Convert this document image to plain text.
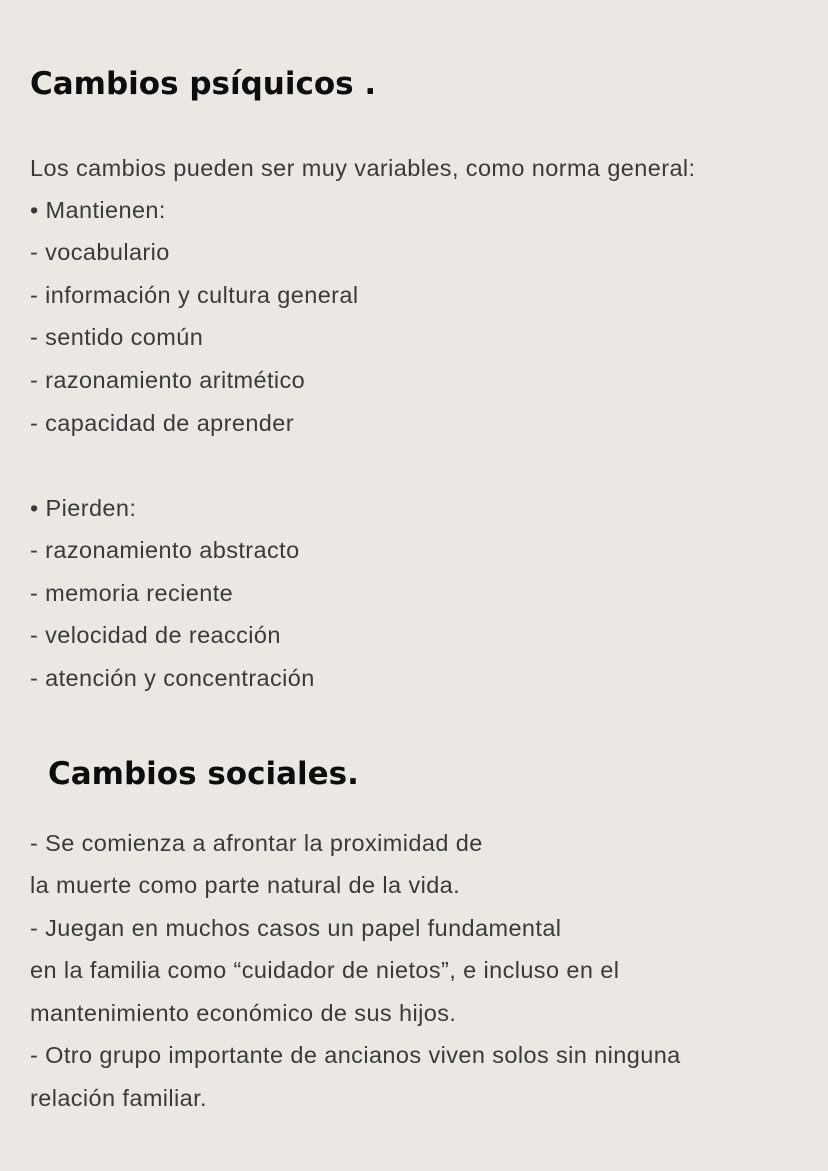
Cambios psíquicos .
Los cambios pueden ser muy variables, como norma general:
• Mantienen:
- vocabulario
- información y cultura general
- sentido común
- razonamiento aritmético
- capacidad de aprender
• Pierden:
- razonamiento abstracto
- memoria reciente
- velocidad de reacción
- atención y concentración
Cambios sociales.
- Se comienza a afrontar la proximidad de
la muerte como parte natural de la vida.
- Juegan en muchos casos un papel fundamental
en la familia como “cuidador de nietos”, e incluso en el
mantenimiento económico de sus hijos.
- Otro grupo importante de ancianos viven solos sin ninguna
relación familiar.
